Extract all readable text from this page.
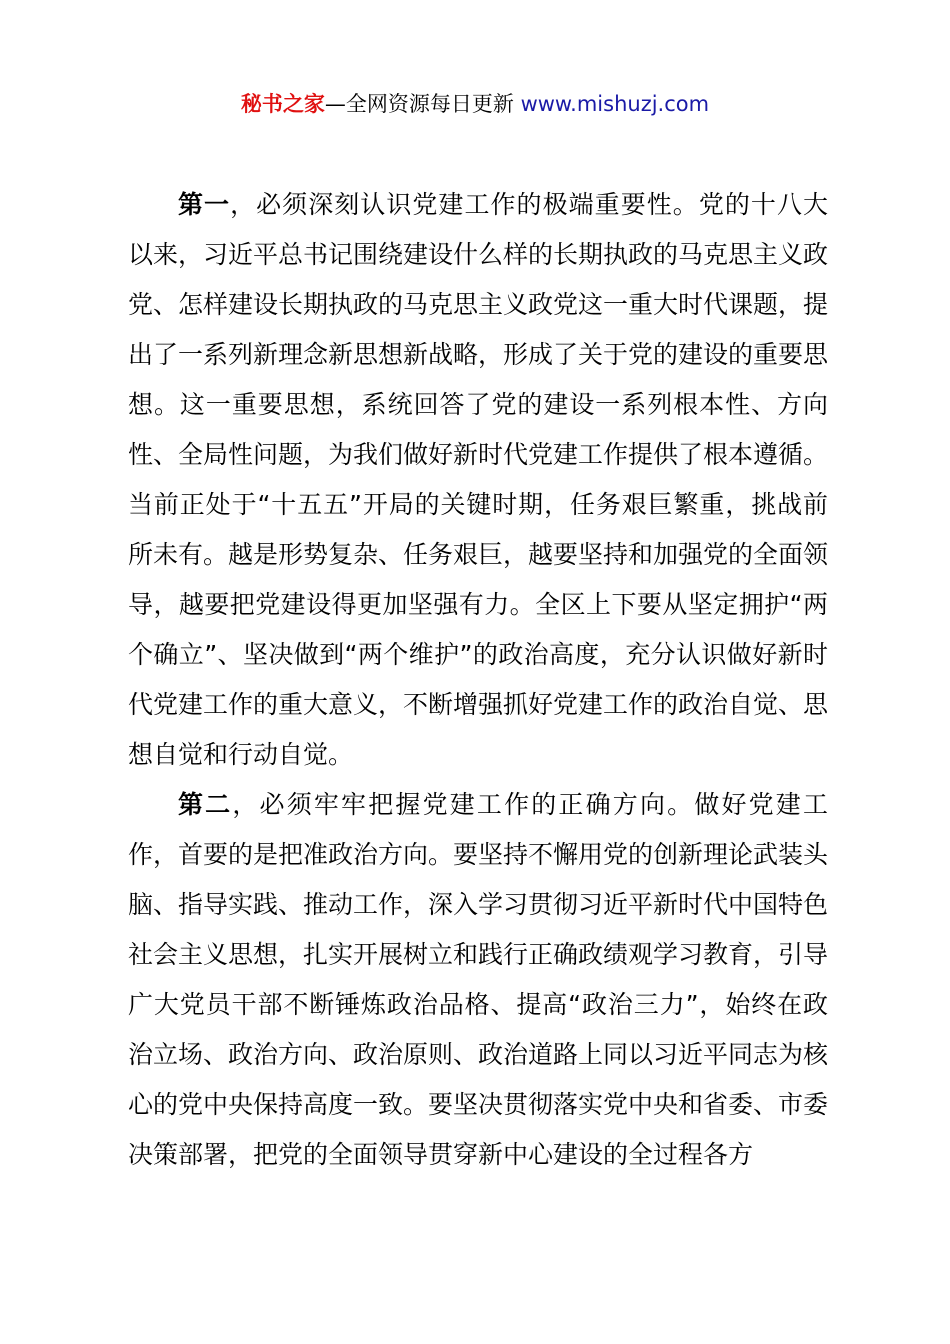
秘书之家—全网资源每日更新 www.mishuzj.com

第一，必须深刻认识党建工作的极端重要性。党的十八大以来，习近平总书记围绕建设什么样的长期执政的马克思主义政党、怎样建设长期执政的马克思主义政党这一重大时代课题，提出了一系列新理念新思想新战略，形成了关于党的建设的重要思想。这一重要思想，系统回答了党的建设一系列根本性、方向性、全局性问题，为我们做好新时代党建工作提供了根本遵循。当前正处于“十五五”开局的关键时期，任务艰巨繁重，挑战前所未有。越是形势复杂、任务艰巨，越要坚持和加强党的全面领导，越要把党建设得更加坚强有力。全区上下要从坚定拥护“两个确立”、坚决做到“两个维护”的政治高度，充分认识做好新时代党建工作的重大意义，不断增强抓好党建工作的政治自觉、思想自觉和行动自觉。

第二，必须牢牢把握党建工作的正确方向。做好党建工作，首要的是把准政治方向。要坚持不懈用党的创新理论武装头脑、指导实践、推动工作，深入学习贯彻习近平新时代中国特色社会主义思想，扎实开展树立和践行正确政绩观学习教育，引导广大党员干部不断锤炼政治品格、提高“政治三力”，始终在政治立场、政治方向、政治原则、政治道路上同以习近平同志为核心的党中央保持高度一致。要坚决贯彻落实党中央和省委、市委决策部署，把党的全面领导贯穿新中心建设的全过程各方
